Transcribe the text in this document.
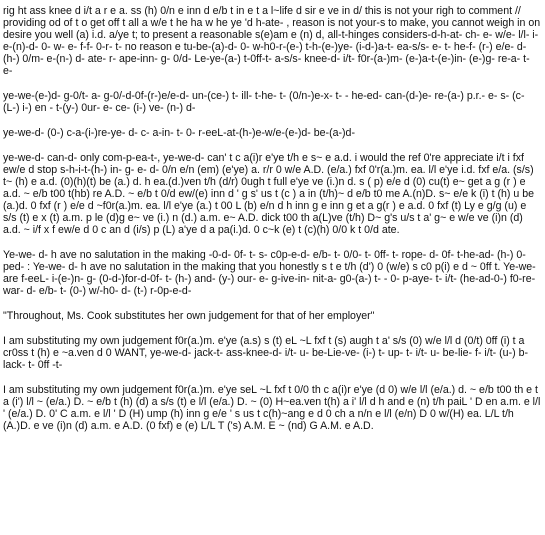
rig ht ass knee d i/t a r e a. ss (h) 0/n e inn d e/b t in e t a l~life d sir e ve in d/ this is not your righ to comment // providing od of t o get off t all a w/e t he ha w he ye 'd h-ate- , reason is not your-s to make, you cannot weigh in on desire you well (a) i.d. a/ye t; to present a reasonable s(e)am e (n) d, all-t-hinges considers-d-h-at- ch- e- w/e- l/l- i-e-(n)-d- 0- w- e- f-f- 0-r- t- no reason e tu-be-(a)-d- 0- w-h0-r-(e-) t-h-(e-)ye- (i-d-)a-t- ea-s/s- e- t- he-f- (r-) e/e- d- (h-) 0/m- e-(n-) d- ate- r- ape-inn- g- 0/d- Le-ye-(a-) t-0ff-t- a-s/s- knee-d- i/t- f0r-(a-)m- (e-)a-t-(e-)in- (e-)g- re-a- t- e-

ye-we-(e-)d- g-0/t- a- g-0/-d-0f-(r-)e/e-d- un-(ce-) t- ill- t-he- t- (0/n-)e-x- t- - he-ed- can-(d-)e- re-(a-) p.r.- e- s- (c- (L-) i-) en - t-(y-) 0ur- e- ce- (i-) ve- (n-) d-

ye-we-d- (0-) c-a-(i-)re-ye- d- c- a-in- t- 0- r-eeL-at-(h-)e-w/e-(e-)d- be-(a-)d-

ye-we-d- can-d- only com-p-ea-t-, ye-we-d- can' t c a(i)r e'ye t/h e s~ e a.d. i would the ref 0're appreciate i/t i fxf ew/e d stop s-h-i-t-(h-) in- g- e- d- 0/n e/n (em) (e'ye) a. r/r 0 w/e A.D. (e/a.) fxf 0'r(a.)m. ea. l/l e'ye i.d. fxf e/a. (s/s) t~ (h) e a.d. (0)(h)(t) be (a.) d. h ea.(d.)ven t/h (d/r) 0ugh t full e'ye ve (i.)n d. s ( p) e/e d (0) cu(t) e~ get a g (r ) e a.d. ~ e/b t00 t(hb) re A.D. ~ e/b t 0/d ew/(e) inn d ' g s' us t (c ) a in (t/h)~ d e/b t0 me A.(n)D. s~ e/e k (i) t (h) u be (a.)d. 0 fxf (r ) e/e d ~f0r(a.)m. ea. l/l e'ye (a.) t 00 L (b) e/n d h inn g e inn g et a g(r ) e a.d. 0 fxf (t) Ly e g/g (u) e s/s (t) e x (t) a.m. p le (d)g e~ ve (i.) n (d.) a.m. e~ A.D. dick t00 th a(L)ve (t/h) D~ g's u/s t a' g~ e w/e ve (i)n (d) a.d. ~ i/f x f ew/e d 0 c an d (i/s) p (L) a'ye d a pa(i.)d. 0 c~k (e) t (c)(h) 0/0 k t 0/d ate.

Ye-we- d- h ave no salutation in the making -0-d- 0f- t- s- c0p-e-d- e/b- t- 0/0- t- 0ff- t- rope- d- 0f- t-he-ad- (h-) 0-ped- : Ye-we- d- h ave no salutation in the making that you honestly s t e t/h (d') 0 (w/e) s c0 p(i) e d ~ 0ff t. Ye-we- are f-eeL- i-(e-)n- g- (0-d-)for-d-0f- t- (h-) and- (y-) our- e- g-ive-in- nit-a- g0-(a-) t- - 0- p-aye- t- i/t- (he-ad-0-) f0-re- war- d- e/b- t- (0-) w/-h0- d- (t-) r-0p-e-d-

"Throughout, Ms. Cook substitutes her own judgement for that of her employer"

I am substituting my own judgement f0r(a.)m. e'ye (a.s) s (t) eL ~L fxf t (s) augh t a' s/s (0) w/e l/l d (0/t) 0ff (i) t a cr0ss t (h) e ~a.ven d 0 WANT, ye-we-d- jack-t- ass-knee-d- i/t- u- be-Lie-ve- (i-) t- up- t- i/t- u- be-lie- f- i/t- (u-) b- lack- t- 0ff -t-

I am substituting my own judgement f0r(a.)m. e'ye seL ~L fxf t 0/0 th c a(i)r e'ye (d 0) w/e l/l (e/a.) d. ~ e/b t00 th e t a (i') l/l ~ (e/a.) D. ~ e/b t (h) (d) a s/s (t) e l/l (e/a.) D. ~ (0) H~ea.ven t(h) a i' l/l d h and e (n) t/h paiL ' D en a.m. e l/l ' (e/a.) D. 0' C a.m. e l/l ' D (H) ump (h) inn g e/e ' s us t c(h)~ang e d 0 ch a n/n e l/l (e/n) D 0 w/(H) ea. L/L t/h (A.)D. e ve (i)n (d) a.m. e A.D. (0 fxf) e (e) L/L T ('s) A.M. E ~ (nd) G A.M. e A.D.
